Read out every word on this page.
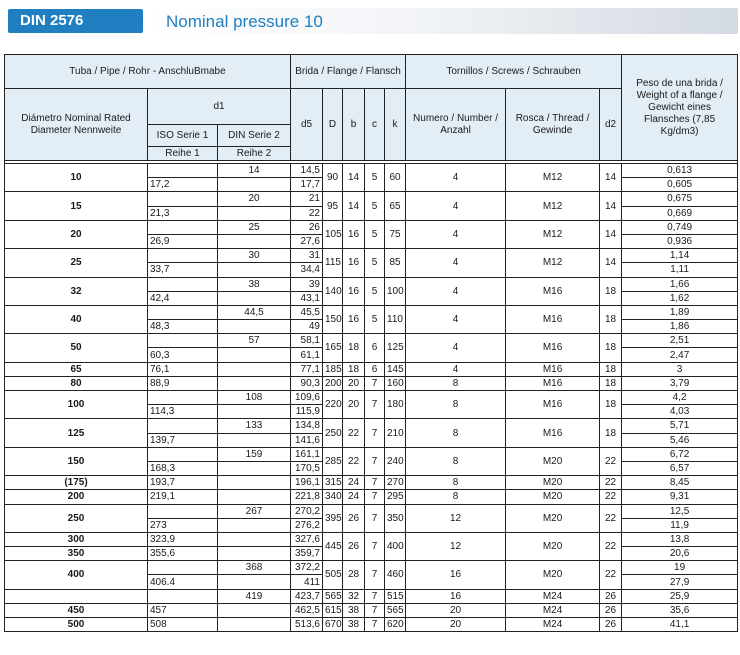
DIN 2576	Nominal pressure 10
Tuba / Pipe / Rohr - AnschluBmabe			Brida / Flange / Flansch					Tornillos / Screws / Schrauben			Peso de una brida / Weight of a flange / Gewicht eines Flansches (7,85 Kg/dm3)
Diámetro Nominal Rated Diameter Nennweite	d1		d5	D	b	c	k	Numero / Number / Anzahl	Rosca / Thread / Gewinde	d2	
	ISO Serie 1	DIN Serie 2									
	Reihe 1	Reihe 2									

10		14	14,5	90	14	5	60	4	M12	14	0,613
	17,2		17,7								0,605
15		20	21	95	14	5	65	4	M12	14	0,675
	21,3		22								0,669
20		25	26	105	16	5	75	4	M12	14	0,749
	26,9		27,6								0,936
25		30	31	115	16	5	85	4	M12	14	1,14
	33,7		34,4								1,11
32		38	39	140	16	5	100	4	M16	18	1,66
	42,4		43,1								1,62
40		44,5	45,5	150	16	5	110	4	M16	18	1,89
	48,3		49								1,86
50		57	58,1	165	18	6	125	4	M16	18	2,51
	60,3		61,1								2,47
65	76,1		77,1	185	18	6	145	4	M16	18	3
80	88,9		90,3	200	20	7	160	8	M16	18	3,79
100		108	109,6	220	20	7	180	8	M16	18	4,2
	114,3		115,9								4,03
125		133	134,8	250	22	7	210	8	M16	18	5,71
	139,7		141,6								5,46
150		159	161,1	285	22	7	240	8	M20	22	6,72
	168,3		170,5								6,57
(175)	193,7		196,1	315	24	7	270	8	M20	22	8,45
200	219,1		221,8	340	24	7	295	8	M20	22	9,31
250		267	270,2	395	26	7	350	12	M20	22	12,5
	273		276,2								11,9
300	323,9		327,6	445	26	7	400	12	M20	22	13,8
350	355,6		359,7								20,6
400		368	372,2	505	28	7	460	16	M20	22	19
	406.4		411								27,9
		419	423,7	565	32	7	515	16	M24	26	25,9
450	457		462,5	615	38	7	565	20	M24	26	35,6
500	508		513,6	670	38	7	620	20	M24	26	41,1
